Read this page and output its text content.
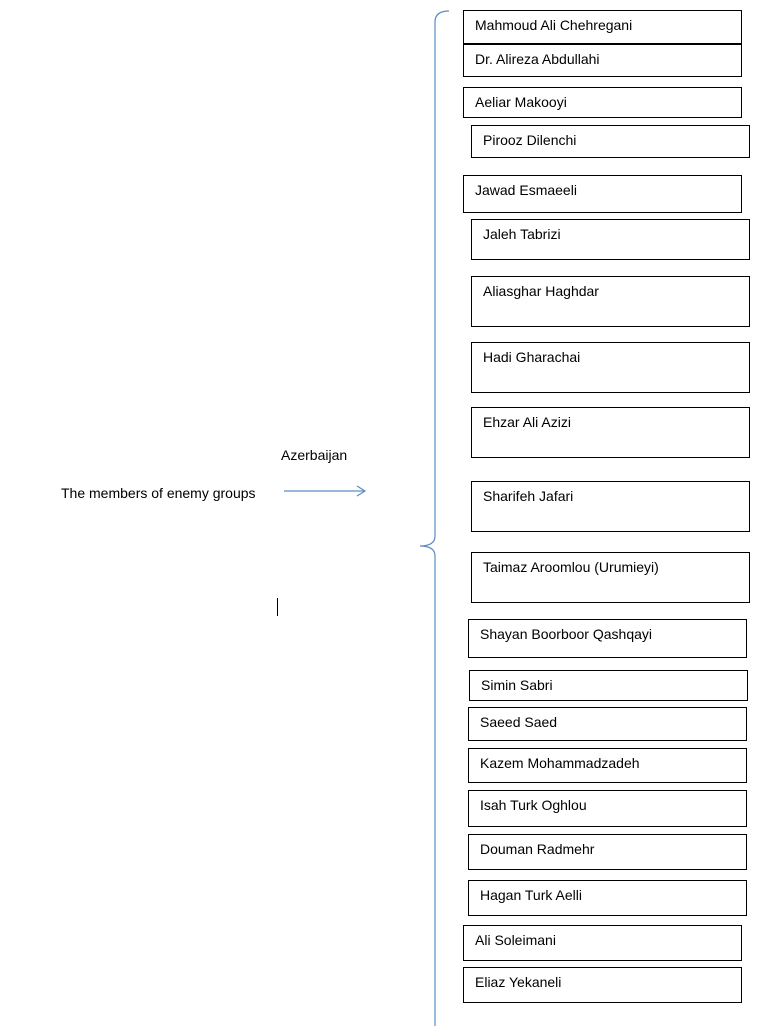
Azerbaijan
The members of enemy groups
Mahmoud Ali Chehregani
Dr. Alireza Abdullahi
Aeliar Makooyi
Pirooz Dilenchi
Jawad Esmaeeli
Jaleh Tabrizi
Aliasghar Haghdar
Hadi Gharachai
Ehzar Ali Azizi
Sharifeh Jafari
Taimaz Aroomlou (Urumieyi)
Shayan Boorboor Qashqayi
Simin Sabri
Saeed Saed
Kazem Mohammadzadeh
Isah Turk Oghlou
Douman Radmehr
Hagan Turk Aelli
Ali Soleimani
Eliaz Yekaneli
